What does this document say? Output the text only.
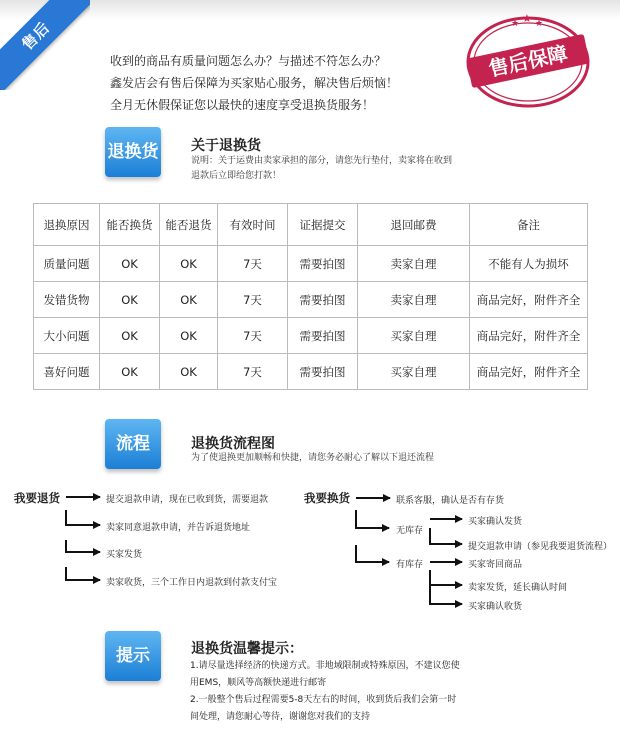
售后
收到的商品有质量问题怎么办？与描述不符怎么办？
鑫发店会有售后保障为买家贴心服务，解决售后烦恼！
全月无休假保证您以最快的速度享受退换货服务！
★ ★ ★
售后保障
退换货 关于退换货
说明：关于运费由卖家承担的部分，请您先行垫付，卖家将在收到
退款后立即给您打款！
退换原因	能否换货	能否退货	有效时间	证据提交	退回邮费	备注
质量问题	OK	OK	7天	需要拍图	卖家自理	不能有人为损坏
发错货物	OK	OK	7天	需要拍图	卖家自理	商品完好，附件齐全
大小问题	OK	OK	7天	需要拍图	买家自理	商品完好，附件齐全
喜好问题	OK	OK	7天	需要拍图	买家自理	商品完好，附件齐全
流程	退换货流程图
为了使退换更加顺畅和快捷，请您务必耐心了解以下退还流程
我要退货	提交退款申请，现在已收到货，需要退款
卖家同意退款申请，并告诉退货地址
买家发货
卖家收货，三个工作日内退款到付款支付宝
我要换货	联系客服，确认是否有存货
无库存
买家确认发货
提交退款申请（参见我要退货流程）
有库存	买家寄回商品
卖家发货，延长确认时间
买家确认收货
提示	退换货温馨提示：
1.请尽量选择经济的快递方式。非地域限制或特殊原因，不建议您使
用EMS，顺风等高额快递进行邮寄
2.一般整个售后过程需要5-8天左右的时间，收到货后我们会第一时
间处理，请您耐心等待，谢谢您对我们的支持
